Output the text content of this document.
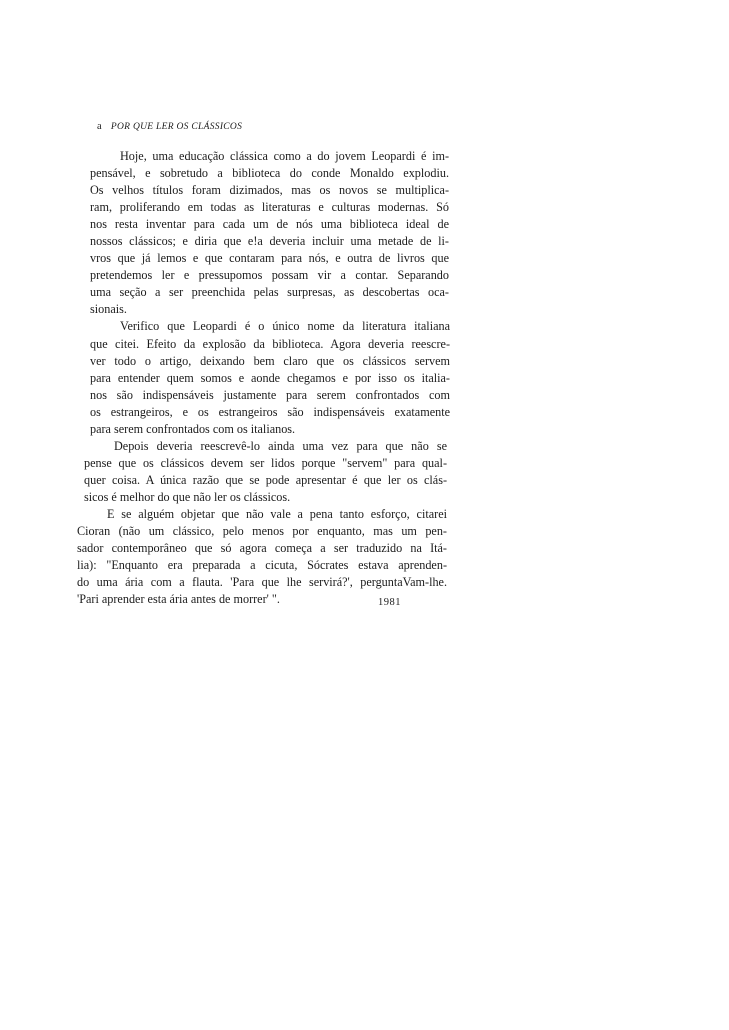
a POR QUE LER OS CLÁSSICOS
Hoje, uma educação clássica como a do jovem Leopardi é im-
pensável, e sobretudo a biblioteca do conde Monaldo explodiu.
Os velhos títulos foram dizimados, mas os novos se multiplica-
ram, proliferando em todas as literaturas e culturas modernas. Só
nos resta inventar para cada um de nós uma biblioteca ideal de
nossos clássicos; e diria que e!a deveria incluir uma metade de li-
vros que já lemos e que contaram para nós, e outra de livros que
pretendemos ler e pressupomos possam vir a contar. Separando
uma seção a ser preenchida pelas surpresas, as descobertas oca-
sionais.
Verifico que Leopardi é o único nome da literatura italiana
que citei. Efeito da explosão da biblioteca. Agora deveria reescre-
ver todo o artigo, deixando bem claro que os clássicos servem
para entender quem somos e aonde chegamos e por isso os italia-
nos são indispensáveis justamente para serem confrontados com
os estrangeiros, e os estrangeiros são indispensáveis exatamente
para serem confrontados com os italianos.
Depois deveria reescrevê-lo ainda uma vez para que não se
pense que os clássicos devem ser lidos porque "servem" para qual-
quer coisa. A única razão que se pode apresentar é que ler os clás-
sicos é melhor do que não ler os clássicos.
E se alguém objetar que não vale a pena tanto esforço, citarei
Cioran (não um clássico, pelo menos por enquanto, mas um pen-
sador contemporâneo que só agora começa a ser traduzido na Itá-
lia): "Enquanto era preparada a cicuta, Sócrates estava aprenden-
do uma ária com a flauta. 'Para que lhe servirá?', perguntaVam-lhe.
'Pari aprender esta ária antes de morrer' ".	1981
